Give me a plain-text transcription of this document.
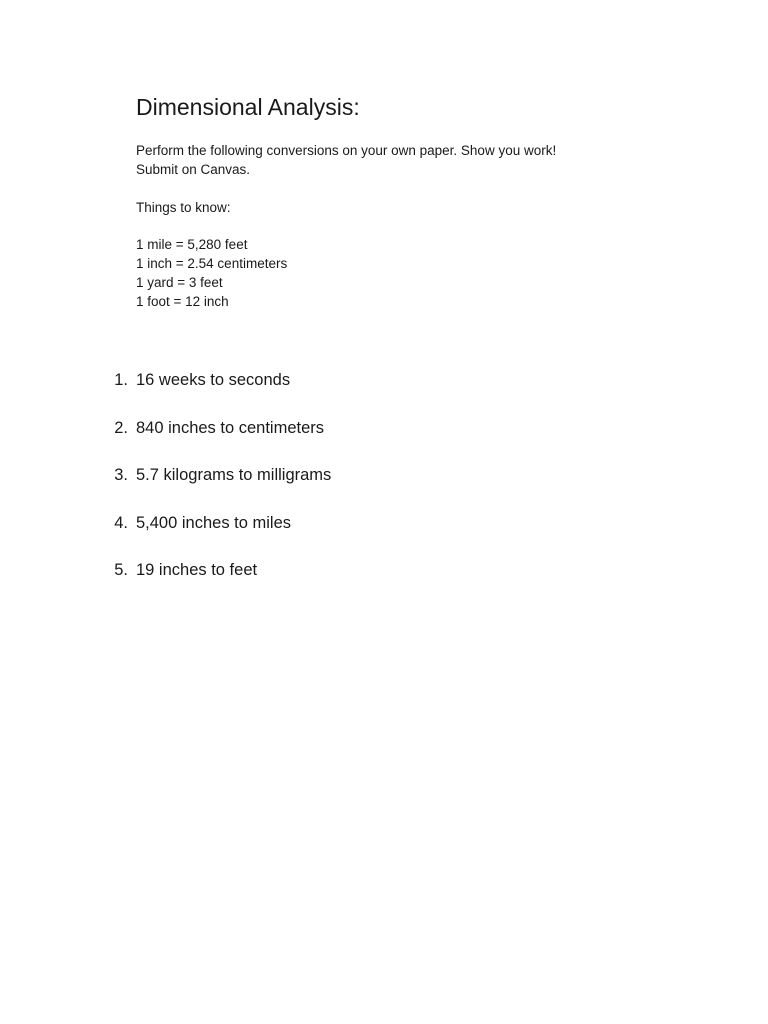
Dimensional Analysis:
Perform the following conversions on your own paper. Show you work!
Submit on Canvas.
Things to know:
1 mile = 5,280 feet
1 inch = 2.54 centimeters
1 yard = 3 feet
1 foot = 12 inch
1. 16 weeks to seconds
2. 840 inches to centimeters
3. 5.7 kilograms to milligrams
4. 5,400 inches to miles
5. 19 inches to feet
